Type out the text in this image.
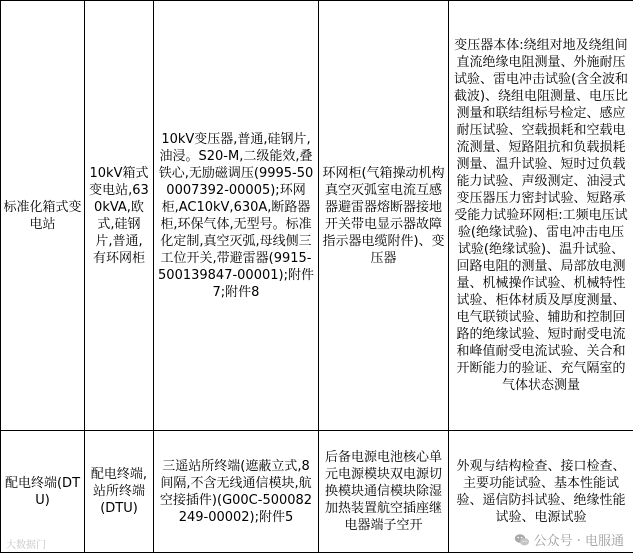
标准化箱式变电站	10kV箱式变电站,630kVA,欧式,硅钢片,普通,有环网柜	10kV变压器,普通,硅钢片,油浸。S20-M,二级能效,叠铁心,无励磁调压(9995-500007392-00005);环网柜,AC10kV,630A,断路器柜,环保气体,无型号。标准化定制,真空灭弧,母线侧三工位开关,带避雷器(9915-500139847-00001);附件7;附件8	环网柜(气箱操动机构真空灭弧室电流互感器避雷器熔断器接地开关带电显示器故障指示器电缆附件)、变压器	变压器本体:绕组对地及绕组间直流绝缘电阻测量、外施耐压试验、雷电冲击试验(含全波和截波)、绕组电阻测量、电压比测量和联结组标号检定、感应耐压试验、空载损耗和空载电流测量、短路阻抗和负载损耗测量、温升试验、短时过负载能力试验、声级测定、油浸式变压器压力密封试验、短路承受能力试验环网柜:工频电压试验(绝缘试验)、雷电冲击电压试验(绝缘试验)、温升试验、回路电阻的测量、局部放电测量、机械操作试验、机械特性试验、柜体材质及厚度测量、电气联锁试验、辅助和控制回路的绝缘试验、短时耐受电流和峰值耐受电流试验、关合和开断能力的验证、充气隔室的气体状态测量

配电终端(DTU)	配电终端,站所终端(DTU)	三遥站所终端(遮蔽立式,8间隔,不含无线通信模块,航空接插件)(G00C-500082249-00002);附件5	后备电源电池核心单元电源模块双电源切换模块通信模块除湿加热装置航空插座继电器端子空开	外观与结构检查、接口检查、主要功能试验、基本性能试验、遥信防抖试验、绝缘性能试验、电源试验
大数据门	公众号 · 电服通
